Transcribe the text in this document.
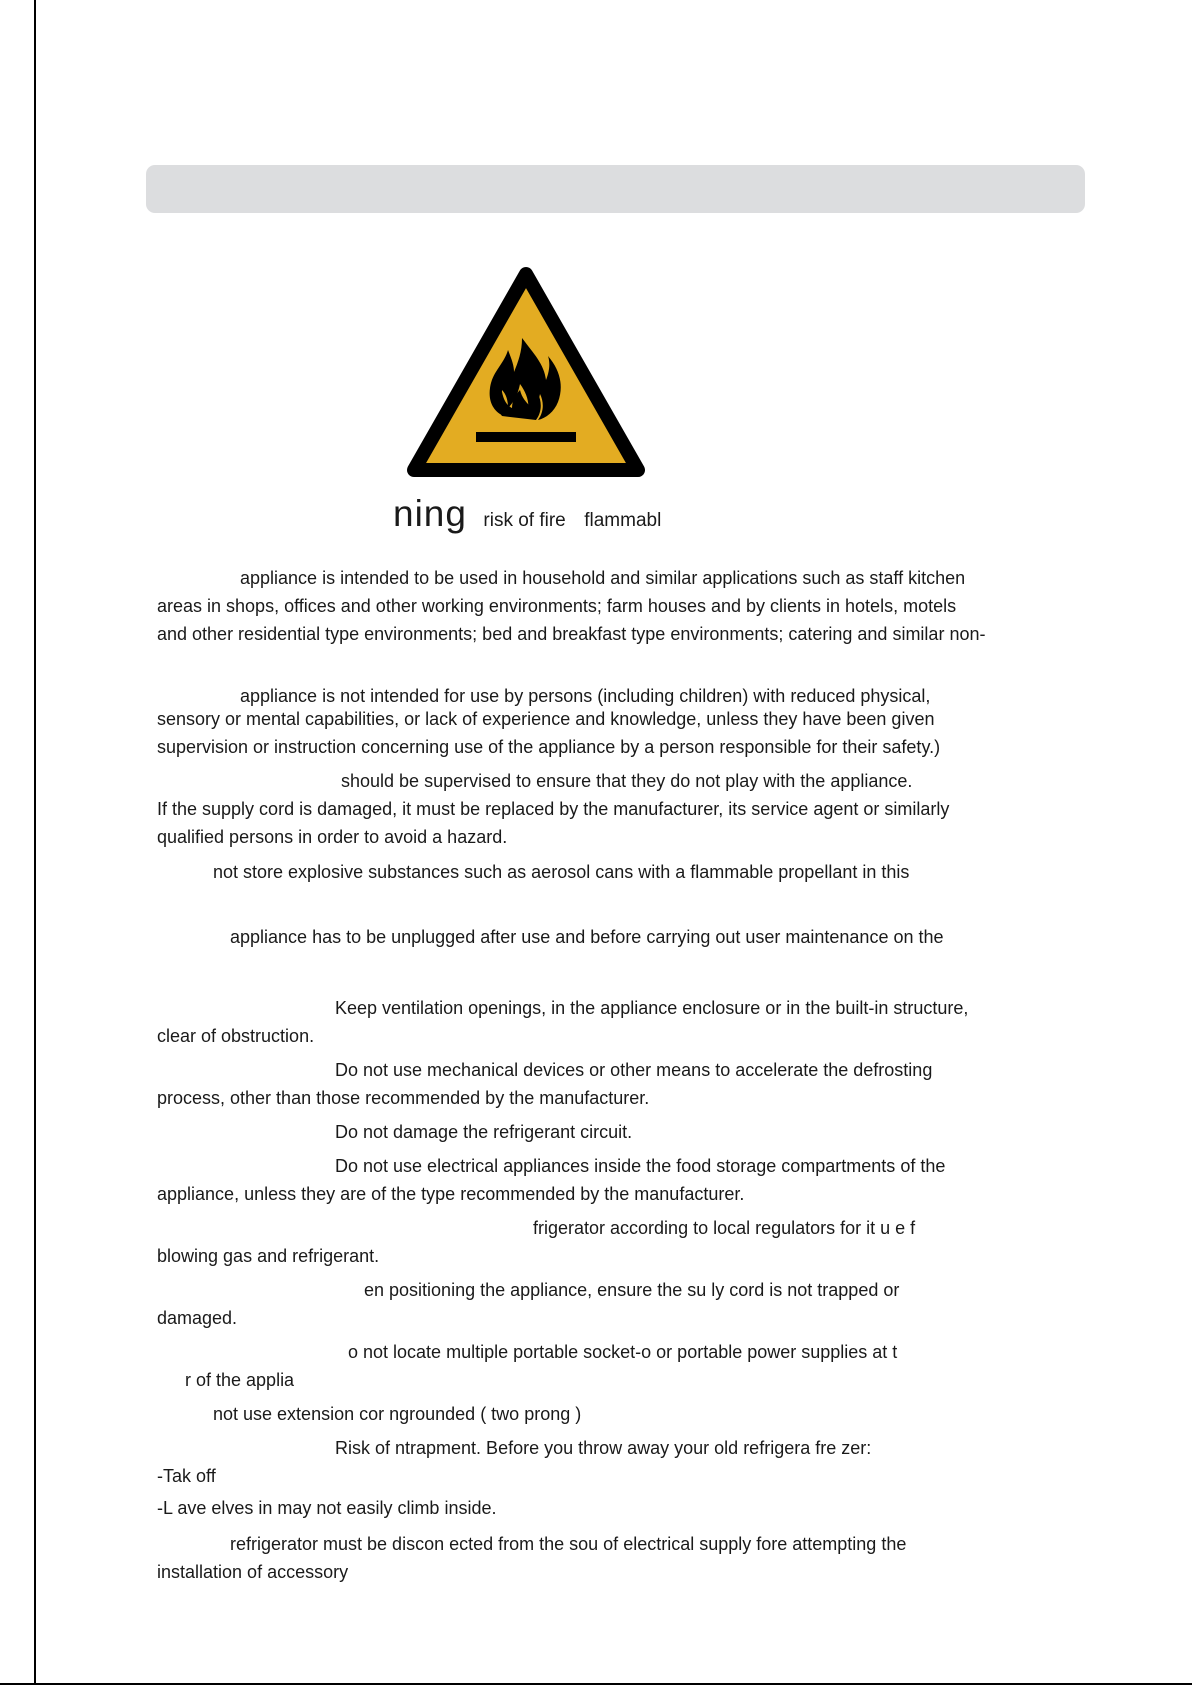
ning risk of fire flammabl
appliance is intended to be used in household and similar applications such as staff kitchen
areas in shops, offices and other working environments; farm houses and by clients in hotels, motels
and other residential type environments; bed and breakfast type environments; catering and similar non-
appliance is not intended for use by persons (including children) with reduced physical,
sensory or mental capabilities, or lack of experience and knowledge, unless they have been given
supervision or instruction concerning use of the appliance by a person responsible for their safety.)
should be supervised to ensure that they do not play with the appliance.
If the supply cord is damaged, it must be replaced by the manufacturer, its service agent or similarly
qualified persons in order to avoid a hazard.
not store explosive substances such as aerosol cans with a flammable propellant in this
appliance has to be unplugged after use and before carrying out user maintenance on the
Keep ventilation openings, in the appliance enclosure or in the built-in structure,
clear of obstruction.
Do not use mechanical devices or other means to accelerate the defrosting
process, other than those recommended by the manufacturer.
Do not damage the refrigerant circuit.
Do not use electrical appliances inside the food storage compartments of the
appliance, unless they are of the type recommended by the manufacturer.
frigerator according to local regulators for it u e f
blowing gas and refrigerant.
en positioning the appliance, ensure the su ly cord is not trapped or
damaged.
o not locate multiple portable socket-o or portable power supplies at t
r of the applia
not use extension cor ngrounded ( two prong )
Risk of ntrapment. Before you throw away your old refrigera fre zer:
-Tak off
-L ave elves in may not easily climb inside.
refrigerator must be discon ected from the sou of electrical supply fore attempting the
installation of accessory
